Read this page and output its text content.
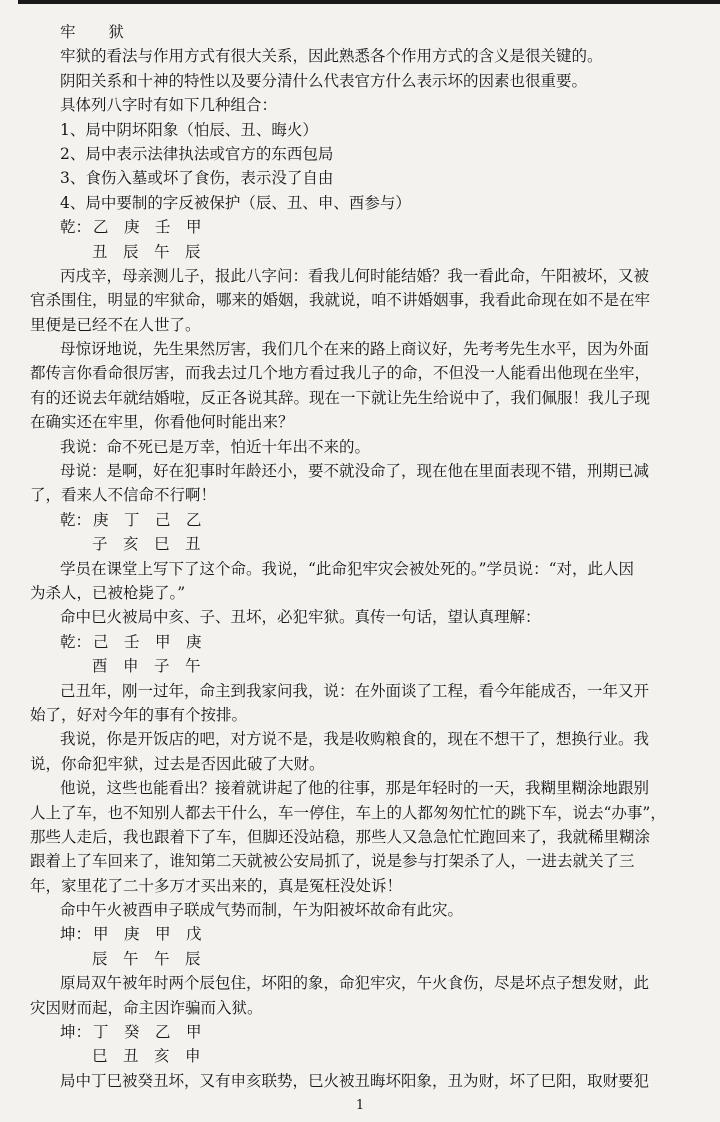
牢 狱
牢狱的看法与作用方式有很大关系，因此熟悉各个作用方式的含义是很关键的。
阴阳关系和十神的特性以及要分清什么代表官方什么表示坏的因素也很重要。
具体列八字时有如下几种组合：
1、局中阴坏阳象（怕辰、丑、晦火）
2、局中表示法律执法或官方的东西包局
3、食伤入墓或坏了食伤，表示没了自由
4、局中要制的字反被保护（辰、丑、申、酉参与）
乾： 乙 庚 壬 甲
丑 辰 午 辰
丙戌辛，母亲测儿子，报此八字问：看我儿何时能结婚？我一看此命，午阳被坏，又被
官杀围住，明显的牢狱命，哪来的婚姻，我就说，咱不讲婚姻事，我看此命现在如不是在牢
里便是已经不在人世了。
母惊讶地说，先生果然厉害，我们几个在来的路上商议好，先考考先生水平，因为外面
都传言你看命很厉害，而我去过几个地方看过我儿子的命，不但没一人能看出他现在坐牢，
有的还说去年就结婚啦，反正各说其辞。现在一下就让先生给说中了，我们佩服！我儿子现
在确实还在牢里，你看他何时能出来？
我说：命不死已是万幸，怕近十年出不来的。
母说：是啊，好在犯事时年龄还小，要不就没命了，现在他在里面表现不错，刑期已减
了，看来人不信命不行啊！
乾： 庚 丁 己 乙
子 亥 巳 丑
学员在课堂上写下了这个命。我说，“此命犯牢灾会被处死的。”学员说：“对，此人因
为杀人，已被枪毙了。”
命中巳火被局中亥、子、丑坏，必犯牢狱。真传一句话，望认真理解：
乾： 己 壬 甲 庚
酉 申 子 午
己丑年，刚一过年，命主到我家问我，说：在外面谈了工程，看今年能成否，一年又开
始了，好对今年的事有个按排。
我说，你是开饭店的吧，对方说不是，我是收购粮食的，现在不想干了，想换行业。我
说，你命犯牢狱，过去是否因此破了大财。
他说，这些也能看出？接着就讲起了他的往事，那是年轻时的一天，我糊里糊涂地跟别
人上了车，也不知别人都去干什么，车一停住，车上的人都匆匆忙忙的跳下车，说去“办事”，
那些人走后，我也跟着下了车，但脚还没站稳，那些人又急急忙忙跑回来了，我就稀里糊涂
跟着上了车回来了，谁知第二天就被公安局抓了，说是参与打架杀了人，一进去就关了三
年，家里花了二十多万才买出来的，真是冤枉没处诉！
命中午火被酉申子联成气势而制，午为阳被坏故命有此灾。
坤： 甲 庚 甲 戊
辰 午 午 辰
原局双午被年时两个辰包住，坏阳的象，命犯牢灾，午火食伤，尽是坏点子想发财，此
灾因财而起，命主因诈骗而入狱。
坤： 丁 癸 乙 甲
巳 丑 亥 申
局中丁巳被癸丑坏，又有申亥联势，巳火被丑晦坏阳象，丑为财，坏了巳阳，取财要犯
1
